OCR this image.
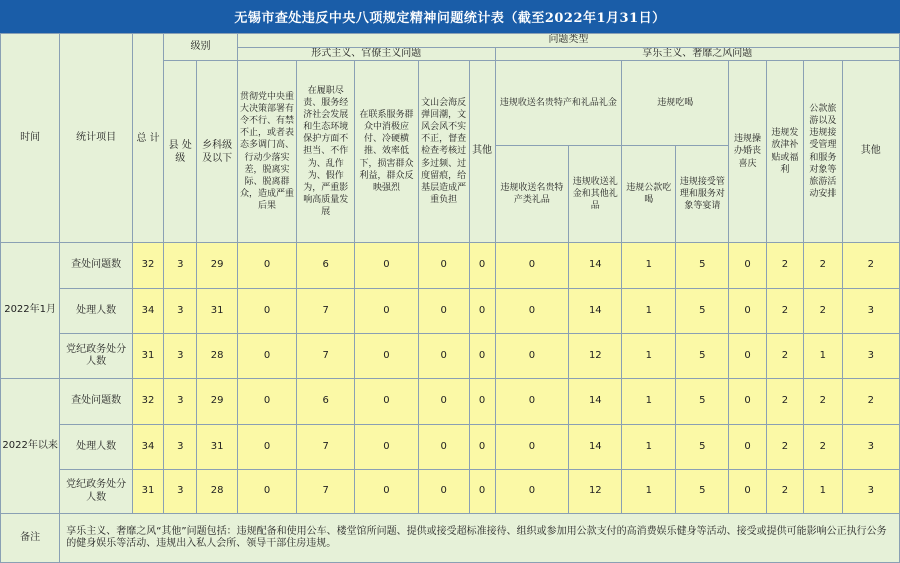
无锡市查处违反中央八项规定精神问题统计表（截至2022年1月31日）
时间	统计项目	总 计	级别		问题类型												
					形式主义、官僚主义问题					享乐主义、奢靡之风问题							
			县 处 级	乡科级及以下	贯彻党中央重大决策部署有令不行、有禁不止，或者表态多调门高、行动少落实差，脱离实际、脱离群众，造成严重后果	在履职尽责、服务经济社会发展和生态环境保护方面不担当、不作为、乱作为、假作为，严重影响高质量发展	在联系服务群众中消极应付、冷硬横推、效率低下，损害群众利益，群众反映强烈	文山会海反弹回潮，文风会风不实不正，督查检查考核过多过频、过度留痕，给基层造成严重负担	其他	违规收送名贵特产和礼品礼金		违规吃喝		违规操办婚丧喜庆	违规发放津补贴或福利	公款旅游以及违规接受管理和服务对象等旅游活动安排	其他
										违规收送名贵特产类礼品	违规收送礼金和其他礼品	违规公款吃喝	违规接受管理和服务对象等宴请				
2022年1月	查处问题数	32	3	29	0	6	0	0	0	0	14	1	5	0	2	2	2
	处理人数	34	3	31	0	7	0	0	0	0	14	1	5	0	2	2	3
	党纪政务处分人数	31	3	28	0	7	0	0	0	0	12	1	5	0	2	1	3
2022年以来	查处问题数	32	3	29	0	6	0	0	0	0	14	1	5	0	2	2	2
	处理人数	34	3	31	0	7	0	0	0	0	14	1	5	0	2	2	3
	党纪政务处分人数	31	3	28	0	7	0	0	0	0	12	1	5	0	2	1	3
备注	享乐主义、奢靡之风“其他”问题包括：违规配备和使用公车、楼堂馆所问题、提供或接受超标准接待、组织或参加用公款支付的高消费娱乐健身等活动、接受或提供可能影响公正执行公务的健身娱乐等活动、违规出入私人会所、领导干部住房违规。																
